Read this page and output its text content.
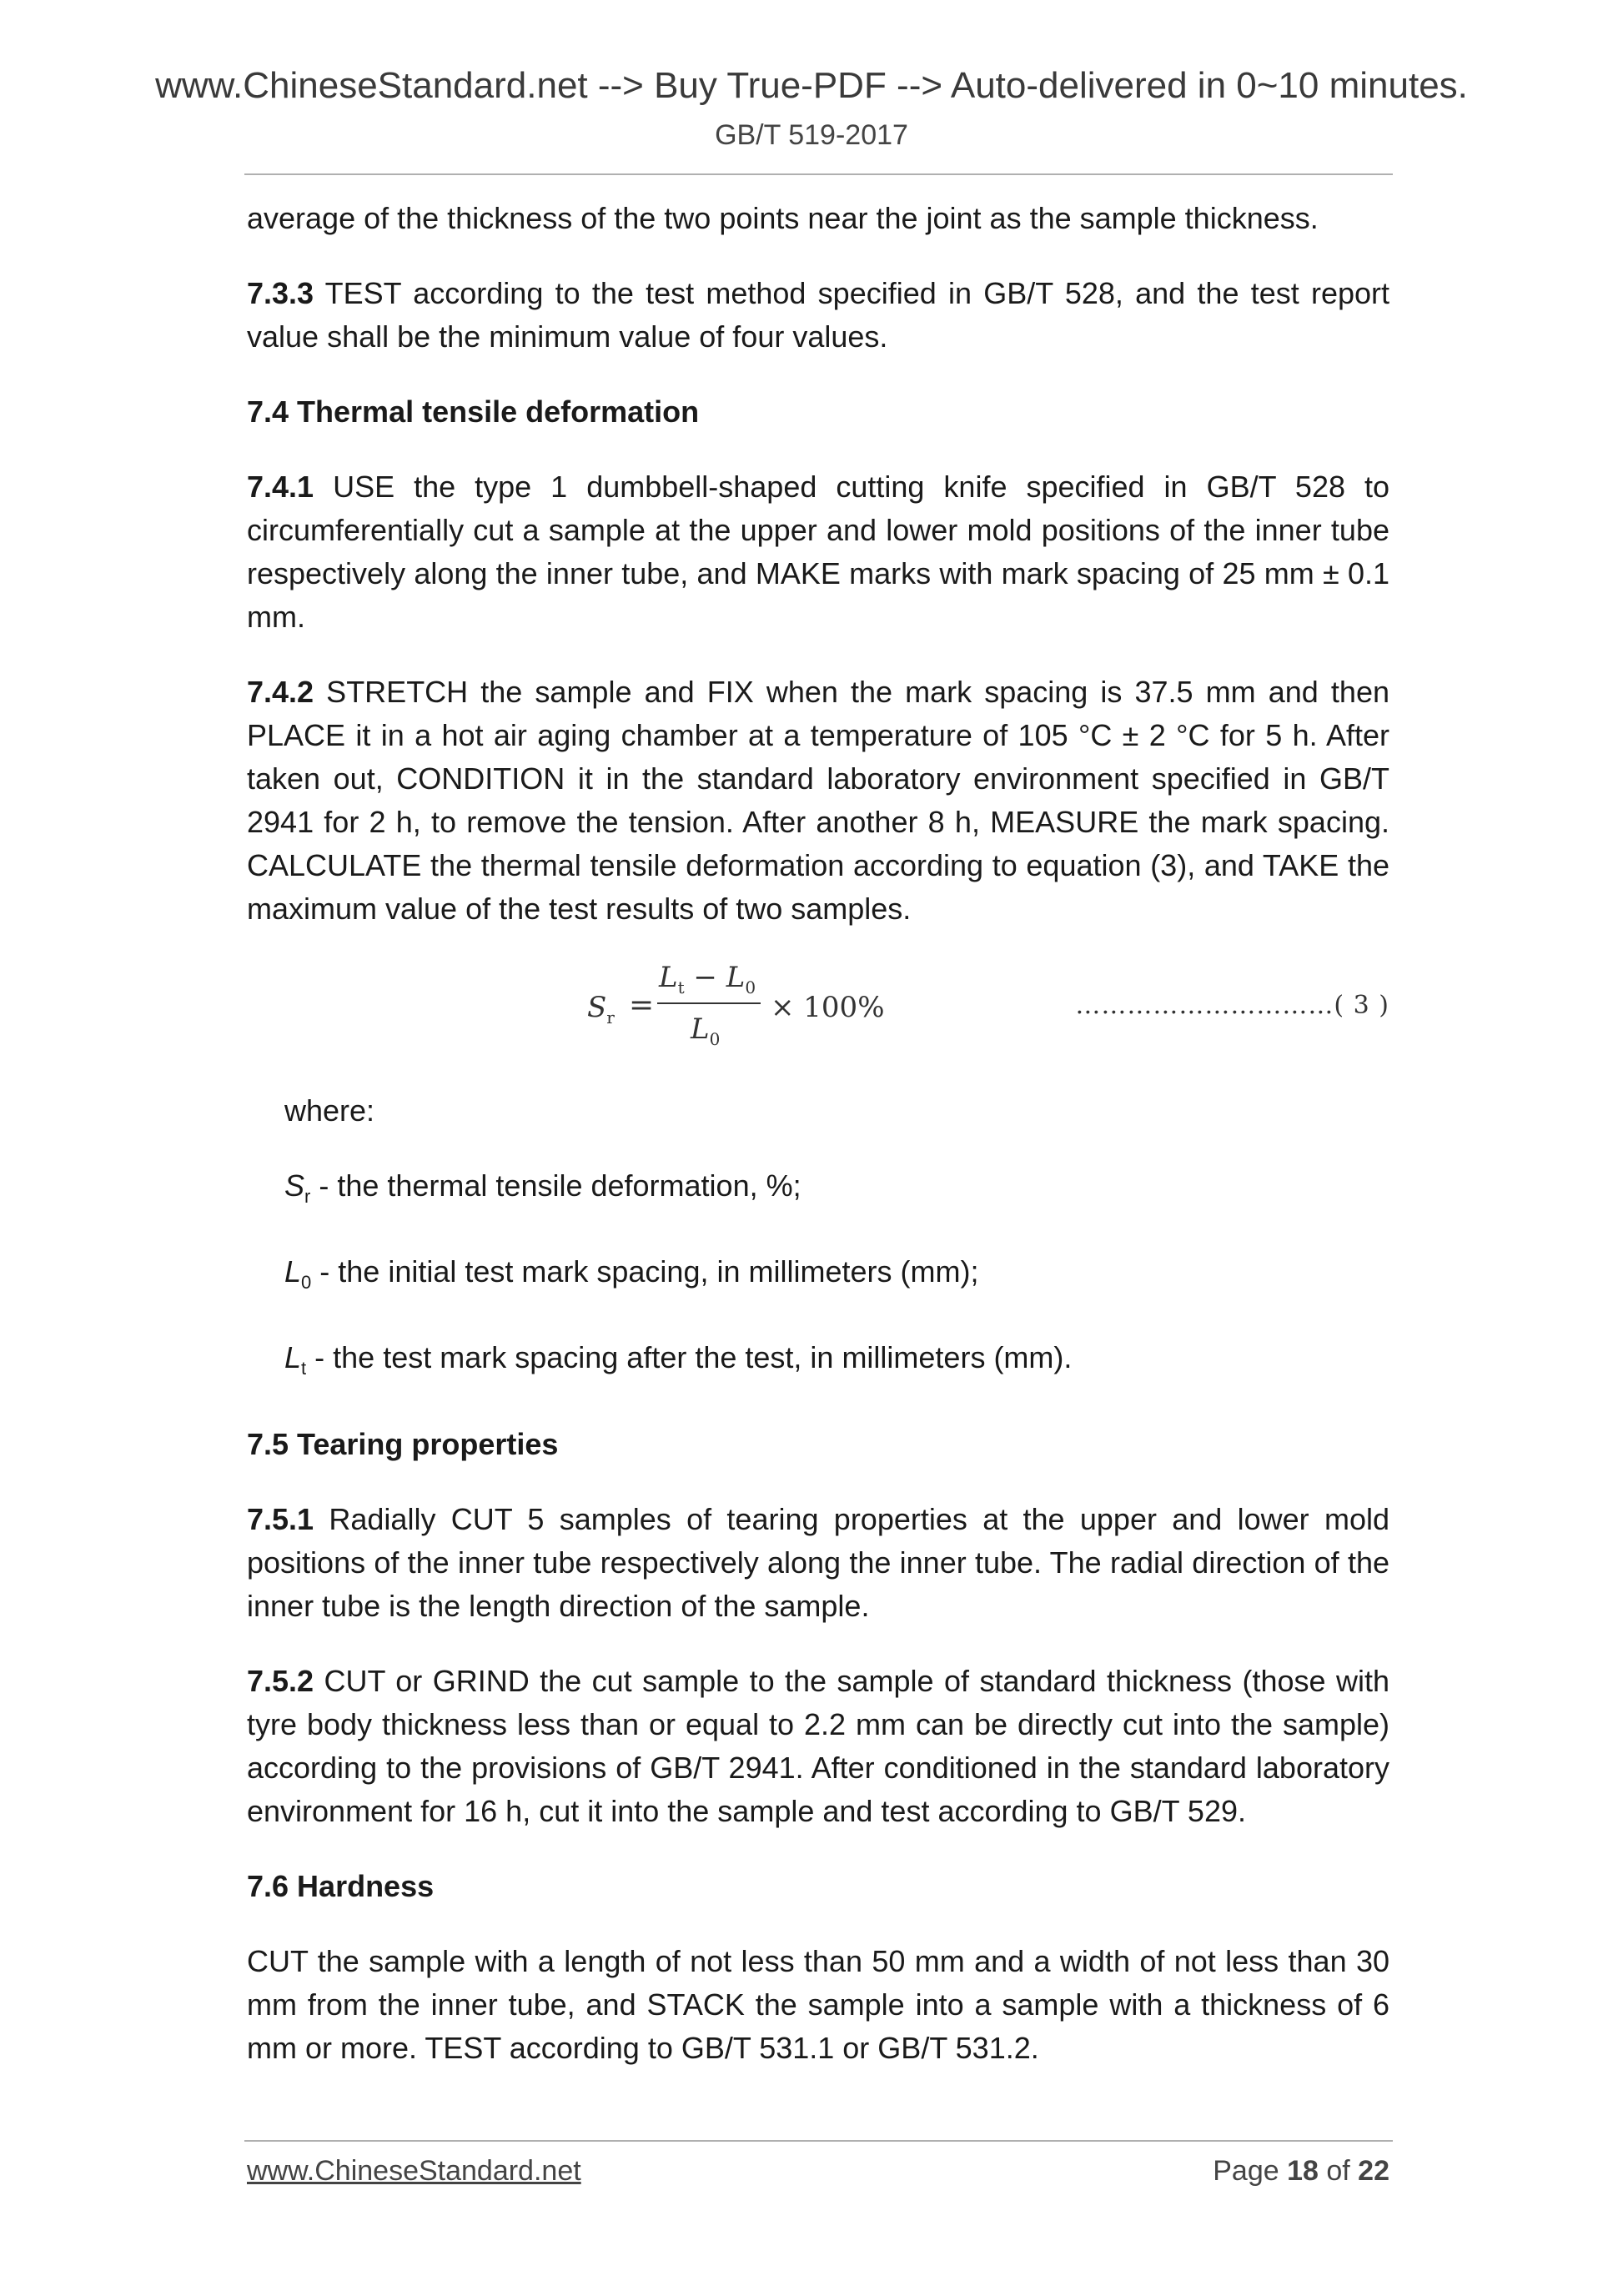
www.ChineseStandard.net --> Buy True-PDF --> Auto-delivered in 0~10 minutes.
GB/T 519-2017

average of the thickness of the two points near the joint as the sample thickness.

7.3.3 TEST according to the test method specified in GB/T 528, and the test report value shall be the minimum value of four values.

7.4 Thermal tensile deformation

7.4.1 USE the type 1 dumbbell-shaped cutting knife specified in GB/T 528 to circumferentially cut a sample at the upper and lower mold positions of the inner tube respectively along the inner tube, and MAKE marks with mark spacing of 25 mm ± 0.1 mm.

7.4.2 STRETCH the sample and FIX when the mark spacing is 37.5 mm and then PLACE it in a hot air aging chamber at a temperature of 105 °C ± 2 °C for 5 h. After taken out, CONDITION it in the standard laboratory environment specified in GB/T 2941 for 2 h, to remove the tension. After another 8 h, MEASURE the mark spacing. CALCULATE the thermal tensile deformation according to equation (3), and TAKE the maximum value of the test results of two samples.

$S_r$ =
$L_t - L_0$
$L_0$
× 100%	…………………………( 3 )

where:

$S_r$ - the thermal tensile deformation, %;

$L_0$ - the initial test mark spacing, in millimeters (mm);

$L_t$ - the test mark spacing after the test, in millimeters (mm).

7.5 Tearing properties

7.5.1 Radially CUT 5 samples of tearing properties at the upper and lower mold positions of the inner tube respectively along the inner tube. The radial direction of the inner tube is the length direction of the sample.

7.5.2 CUT or GRIND the cut sample to the sample of standard thickness (those with tyre body thickness less than or equal to 2.2 mm can be directly cut into the sample) according to the provisions of GB/T 2941. After conditioned in the standard laboratory environment for 16 h, cut it into the sample and test according to GB/T 529.

7.6 Hardness

CUT the sample with a length of not less than 50 mm and a width of not less than 30 mm from the inner tube, and STACK the sample into a sample with a thickness of 6 mm or more. TEST according to GB/T 531.1 or GB/T 531.2.

www.ChineseStandard.net	Page 18 of 22
